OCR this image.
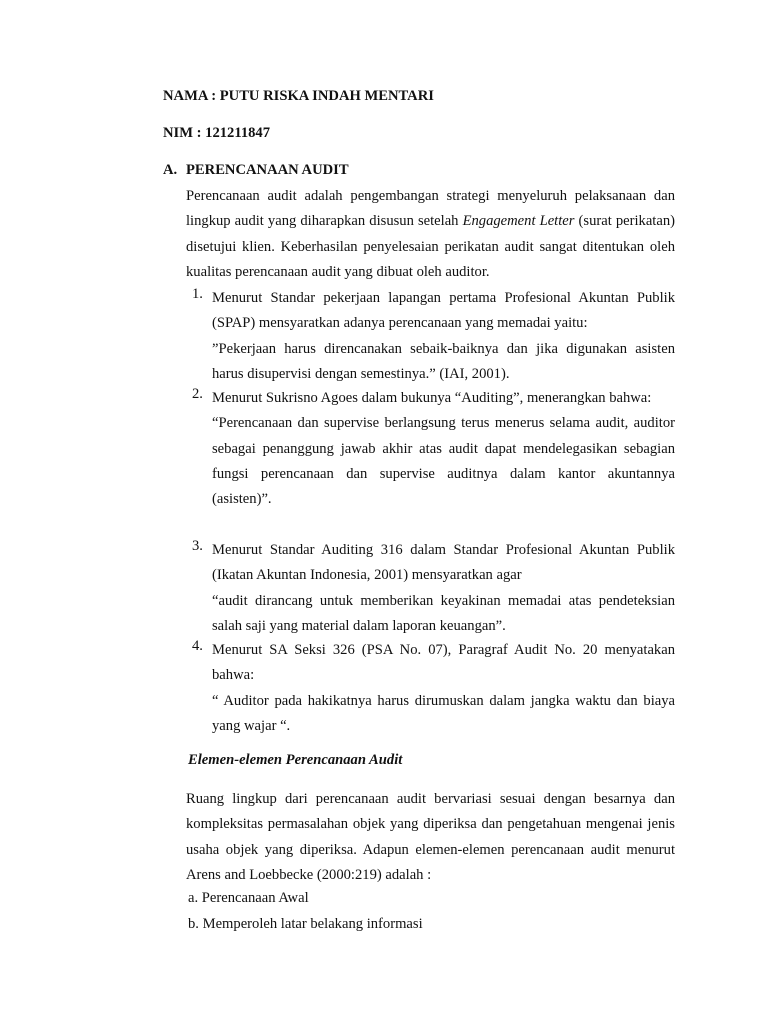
NAMA : PUTU RISKA INDAH MENTARI

NIM : 121211847

A. PERENCANAAN AUDIT

Perencanaan audit adalah pengembangan strategi menyeluruh pelaksanaan dan lingkup audit yang diharapkan disusun setelah Engagement Letter (surat perikatan) disetujui klien. Keberhasilan penyelesaian perikatan audit sangat ditentukan oleh kualitas perencanaan audit yang dibuat oleh auditor.

1. Menurut Standar pekerjaan lapangan pertama Profesional Akuntan Publik (SPAP) mensyaratkan adanya perencanaan yang memadai yaitu:

”Pekerjaan harus direncanakan sebaik-baiknya dan jika digunakan asisten harus disupervisi dengan semestinya.” (IAI, 2001).

2. Menurut Sukrisno Agoes dalam bukunya “Auditing”, menerangkan bahwa:

“Perencanaan dan supervise berlangsung terus menerus selama audit, auditor sebagai penanggung jawab akhir atas audit dapat mendelegasikan sebagian fungsi perencanaan dan supervise auditnya dalam kantor akuntannya (asisten)”.

3. Menurut Standar Auditing 316 dalam Standar Profesional Akuntan Publik (Ikatan Akuntan Indonesia, 2001) mensyaratkan agar

“audit dirancang untuk memberikan keyakinan memadai atas pendeteksian salah saji yang material dalam laporan keuangan”.

4. Menurut SA Seksi 326 (PSA No. 07), Paragraf Audit No. 20 menyatakan bahwa:

“ Auditor pada hakikatnya harus dirumuskan dalam jangka waktu dan biaya yang wajar “.

Elemen-elemen Perencanaan Audit

Ruang lingkup dari perencanaan audit bervariasi sesuai dengan besarnya dan kompleksitas permasalahan objek yang diperiksa dan pengetahuan mengenai jenis usaha objek yang diperiksa. Adapun elemen-elemen perencanaan audit menurut Arens and Loebbecke (2000:219) adalah :

a. Perencanaan Awal

b. Memperoleh latar belakang informasi
